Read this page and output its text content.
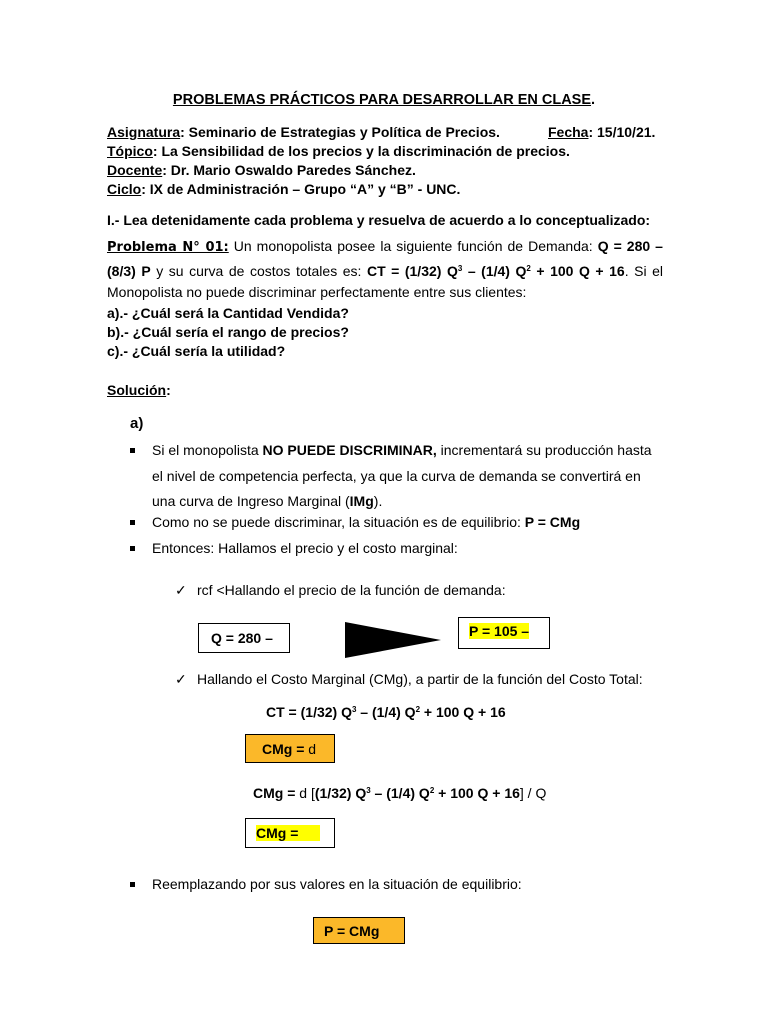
PROBLEMAS PRÁCTICOS PARA DESARROLLAR EN CLASE.
Asignatura: Seminario de Estrategias y Política de Precios.	Fecha: 15/10/21.
Tópico: La Sensibilidad de los precios y la discriminación de precios.
Docente: Dr. Mario Oswaldo Paredes Sánchez.
Ciclo: IX de Administración – Grupo “A” y “B” - UNC.
I.- Lea detenidamente cada problema y resuelva de acuerdo a lo conceptualizado:
Problema N° 01: Un monopolista posee la siguiente función de Demanda: Q = 280 – (8/3) P y su curva de costos totales es: CT = (1/32) $Q^3 - (1/4) Q^2 + 100$ Q + 16. Si el Monopolista no puede discriminar perfectamente entre sus clientes:
a).- ¿Cuál será la Cantidad Vendida?
b).- ¿Cuál sería el rango de precios?
c).- ¿Cuál sería la utilidad?
Solución:
a)
Si el monopolista NO PUEDE DISCRIMINAR, incrementará su producción hasta el nivel de competencia perfecta, ya que la curva de demanda se convertirá en una curva de Ingreso Marginal (IMg).
Como no se puede discriminar, la situación es de equilibrio: P = CMg
Entonces: Hallamos el precio y el costo marginal:
✓ rcf <Hallando el precio de la función de demanda:
Q = 280 –	P = 105 –
✓ Hallando el Costo Marginal (CMg), a partir de la función del Costo Total:
CT = (1/32) $Q^3 - (1/4) Q^2 + 100$ Q + 16
CMg = d
CMg = d [(1/32) $Q^3 - (1/4) Q^2 + 100$ Q + 16] / Q
CMg =
Reemplazando por sus valores en la situación de equilibrio:
P = CMg
